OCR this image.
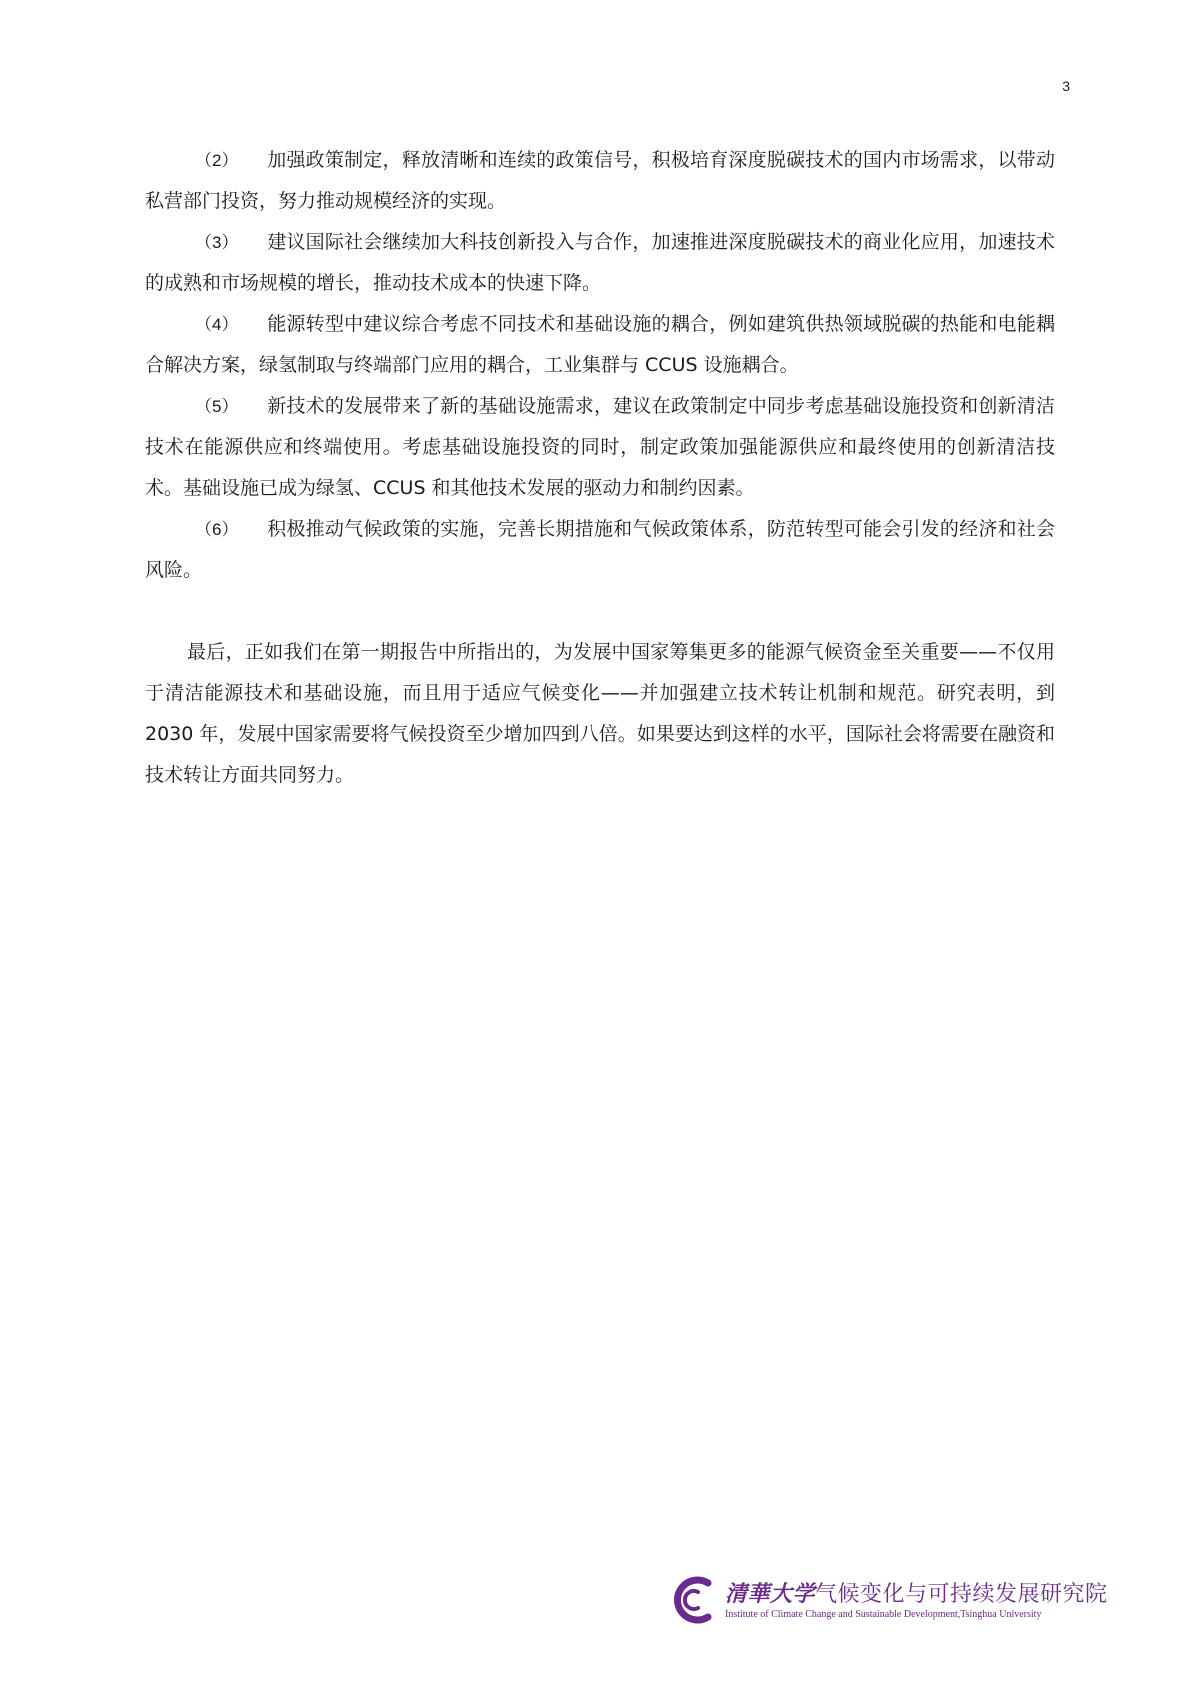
3

（2） 加强政策制定，释放清晰和连续的政策信号，积极培育深度脱碳技术的国内市场需求，以带动私营部门投资，努力推动规模经济的实现。

（3） 建议国际社会继续加大科技创新投入与合作，加速推进深度脱碳技术的商业化应用，加速技术的成熟和市场规模的增长，推动技术成本的快速下降。

（4） 能源转型中建议综合考虑不同技术和基础设施的耦合，例如建筑供热领域脱碳的热能和电能耦合解决方案，绿氢制取与终端部门应用的耦合，工业集群与 CCUS 设施耦合。

（5） 新技术的发展带来了新的基础设施需求，建议在政策制定中同步考虑基础设施投资和创新清洁技术在能源供应和终端使用。考虑基础设施投资的同时，制定政策加强能源供应和最终使用的创新清洁技术。基础设施已成为绿氢、CCUS 和其他技术发展的驱动力和制约因素。

（6） 积极推动气候政策的实施，完善长期措施和气候政策体系，防范转型可能会引发的经济和社会风险。

最后，正如我们在第一期报告中所指出的，为发展中国家筹集更多的能源气候资金至关重要——不仅用于清洁能源技术和基础设施，而且用于适应气候变化——并加强建立技术转让机制和规范。研究表明，到 2030 年，发展中国家需要将气候投资至少增加四到八倍。如果要达到这样的水平，国际社会将需要在融资和技术转让方面共同努力。

清華大学气候变化与可持续发展研究院
Institute of Climate Change and Sustainable Development,Tsinghua University
